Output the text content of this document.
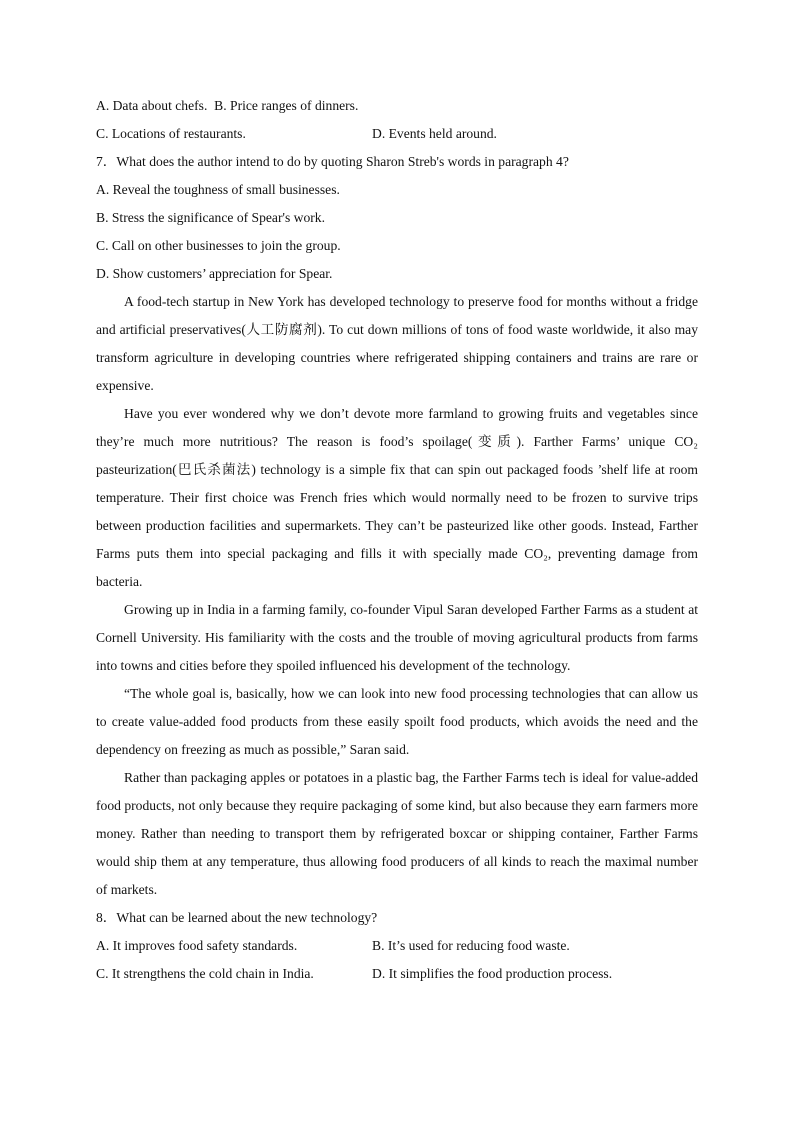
A. Data about chefs. B. Price ranges of dinners.
C. Locations of restaurants.	D. Events held around.
7．What does the author intend to do by quoting Sharon Streb's words in paragraph 4?
A. Reveal the toughness of small businesses.
B. Stress the significance of Spear's work.
C. Call on other businesses to join the group.
D. Show customers’ appreciation for Spear.

A food-tech startup in New York has developed technology to preserve food for months without a fridge and artificial preservatives(人工防腐剂). To cut down millions of tons of food waste worldwide, it also may transform agriculture in developing countries where refrigerated shipping containers and trains are rare or expensive.

Have you ever wondered why we don’t devote more farmland to growing fruits and vegetables since they’re much more nutritious? The reason is food’s spoilage(变质). Farther Farms’ unique CO₂ pasteurization(巴氏杀菌法) technology is a simple fix that can spin out packaged foods ’shelf life at room temperature. Their first choice was French fries which would normally need to be frozen to survive trips between production facilities and supermarkets. They can’t be pasteurized like other goods. Instead, Farther Farms puts them into special packaging and fills it with specially made CO₂, preventing damage from bacteria.

Growing up in India in a farming family, co-founder Vipul Saran developed Farther Farms as a student at Cornell University. His familiarity with the costs and the trouble of moving agricultural products from farms into towns and cities before they spoiled influenced his development of the technology.

“The whole goal is, basically, how we can look into new food processing technologies that can allow us to create value-added food products from these easily spoilt food products, which avoids the need and the dependency on freezing as much as possible,” Saran said.

Rather than packaging apples or potatoes in a plastic bag, the Farther Farms tech is ideal for value-added food products, not only because they require packaging of some kind, but also because they earn farmers more money. Rather than needing to transport them by refrigerated boxcar or shipping container, Farther Farms would ship them at any temperature, thus allowing food producers of all kinds to reach the maximal number of markets.

8．What can be learned about the new technology?
A. It improves food safety standards.	B. It’s used for reducing food waste.
C. It strengthens the cold chain in India.	D. It simplifies the food production process.
